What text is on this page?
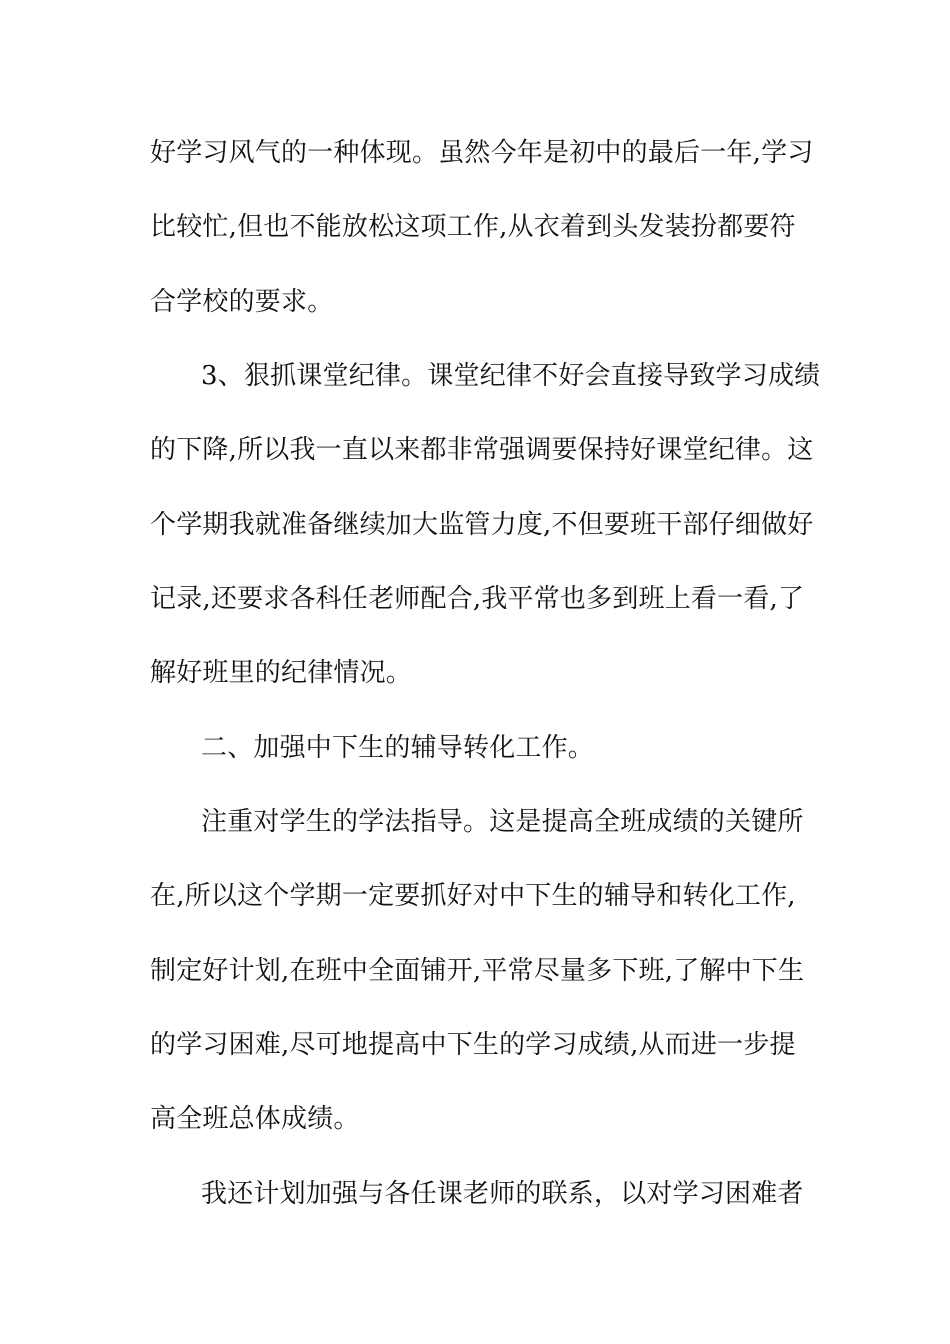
好学习风气的一种体现。虽然今年是初中的最后一年,学习
比较忙,但也不能放松这项工作,从衣着到头发装扮都要符
合学校的要求。
3、狠抓课堂纪律。课堂纪律不好会直接导致学习成绩
的下降,所以我一直以来都非常强调要保持好课堂纪律。这
个学期我就准备继续加大监管力度,不但要班干部仔细做好
记录,还要求各科任老师配合,我平常也多到班上看一看,了
解好班里的纪律情况。
二、加强中下生的辅导转化工作。
注重对学生的学法指导。这是提高全班成绩的关键所
在,所以这个学期一定要抓好对中下生的辅导和转化工作,
制定好计划,在班中全面铺开,平常尽量多下班,了解中下生
的学习困难,尽可地提高中下生的学习成绩,从而进一步提
高全班总体成绩。
我还计划加强与各任课老师的联系，以对学习困难者
